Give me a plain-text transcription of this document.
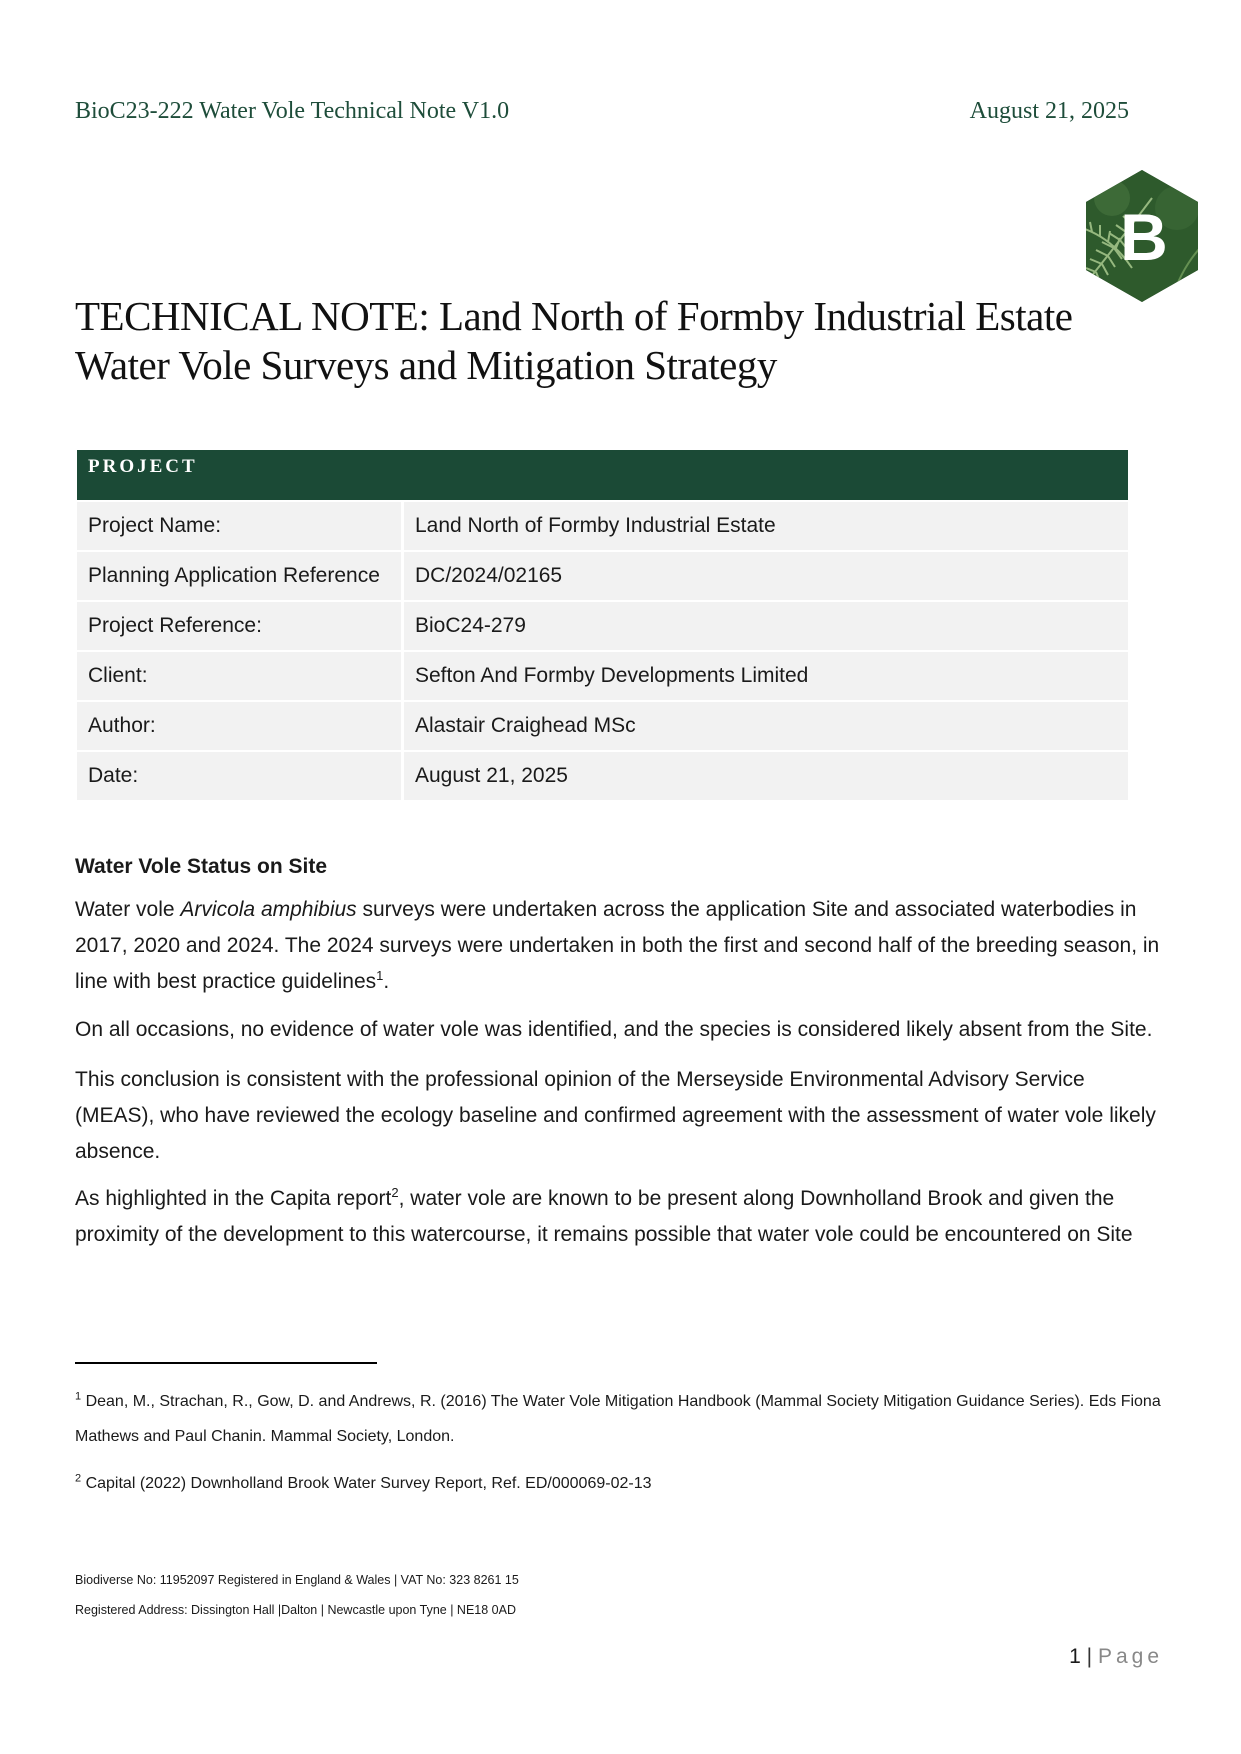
BioC23-222 Water Vole Technical Note V1.0	August 21, 2025
B
TECHNICAL NOTE: Land North of Formby Industrial Estate
Water Vole Surveys and Mitigation Strategy
PROJECT	
Project Name:	Land North of Formby Industrial Estate
Planning Application Reference	DC/2024/02165
Project Reference:	BioC24-279
Client:	Sefton And Formby Developments Limited
Author:	Alastair Craighead MSc
Date:	August 21, 2025
Water Vole Status on Site
Water vole Arvicola amphibius surveys were undertaken across the application Site and associated waterbodies in 2017, 2020 and 2024. The 2024 surveys were undertaken in both the first and second half of the breeding season, in line with best practice guidelines$^1$.
On all occasions, no evidence of water vole was identified, and the species is considered likely absent from the Site.
This conclusion is consistent with the professional opinion of the Merseyside Environmental Advisory Service (MEAS), who have reviewed the ecology baseline and confirmed agreement with the assessment of water vole likely absence.
As highlighted in the Capita report$^2$, water vole are known to be present along Downholland Brook and given the proximity of the development to this watercourse, it remains possible that water vole could be encountered on Site
$^1$ Dean, M., Strachan, R., Gow, D. and Andrews, R. (2016) The Water Vole Mitigation Handbook (Mammal Society Mitigation Guidance Series). Eds Fiona Mathews and Paul Chanin. Mammal Society, London.
$^2$ Capital (2022) Downholland Brook Water Survey Report, Ref. ED/000069-02-13
Biodiverse No: 11952097 Registered in England & Wales | VAT No: 323 8261 15
Registered Address: Dissington Hall |Dalton | Newcastle upon Tyne | NE18 0AD
1 | Page
